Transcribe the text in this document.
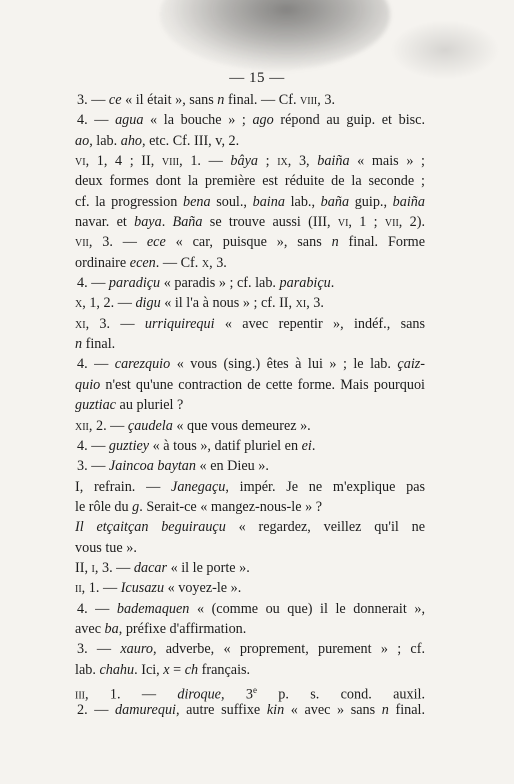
— 15 —
3. — ce « il était », sans n final. — Cf. viii, 3.
4. — agua « la bouche » ; ago répond au guip. et bisc.
ao, lab. aho, etc. Cf. III, v, 2.
vi, 1, 4 ; II, viii, 1. — bâya ; ix, 3, baiña « mais » ;
deux formes dont la première est réduite de la seconde ;
cf. la progression bena soul., baina lab., baña guip., baiña
navar. et baya. Baña se trouve aussi (III, vi, 1 ; vii, 2).
vii, 3. — ece « car, puisque », sans n final. Forme
ordinaire ecen. — Cf. x, 3.
4. — paradiçu « paradis » ; cf. lab. parabiçu.
x, 1, 2. — digu « il l'a à nous » ; cf. II, xi, 3.
xi, 3. — urriquirequi « avec repentir », indéf., sans
n final.
4. — carezquio « vous (sing.) êtes à lui » ; le lab. çaiz-
quio n'est qu'une contraction de cette forme. Mais pourquoi
guztiac au pluriel ?
xii, 2. — çaudela « que vous demeurez ».
4. — guztiey « à tous », datif pluriel en ei.
3. — Jaincoa baytan « en Dieu ».
I, refrain. — Janegaçu, impér. Je ne m'explique pas
le rôle du g. Serait-ce « mangez-nous-le » ?
Il etçaitçan beguirauçu « regardez, veillez qu'il ne
vous tue ».
II, i, 3. — dacar « il le porte ».
ii, 1. — Icusazu « voyez-le ».
4. — bademaquen « (comme ou que) il le donnerait »,
avec ba, préfixe d'affirmation.
3. — xauro, adverbe, « proprement, purement » ; cf.
lab. chahu. Ici, x = ch français.
iii, 1. — diroque, 3e p. s. cond. auxil.
2. — damurequi, autre suffixe kin « avec » sans n final.
